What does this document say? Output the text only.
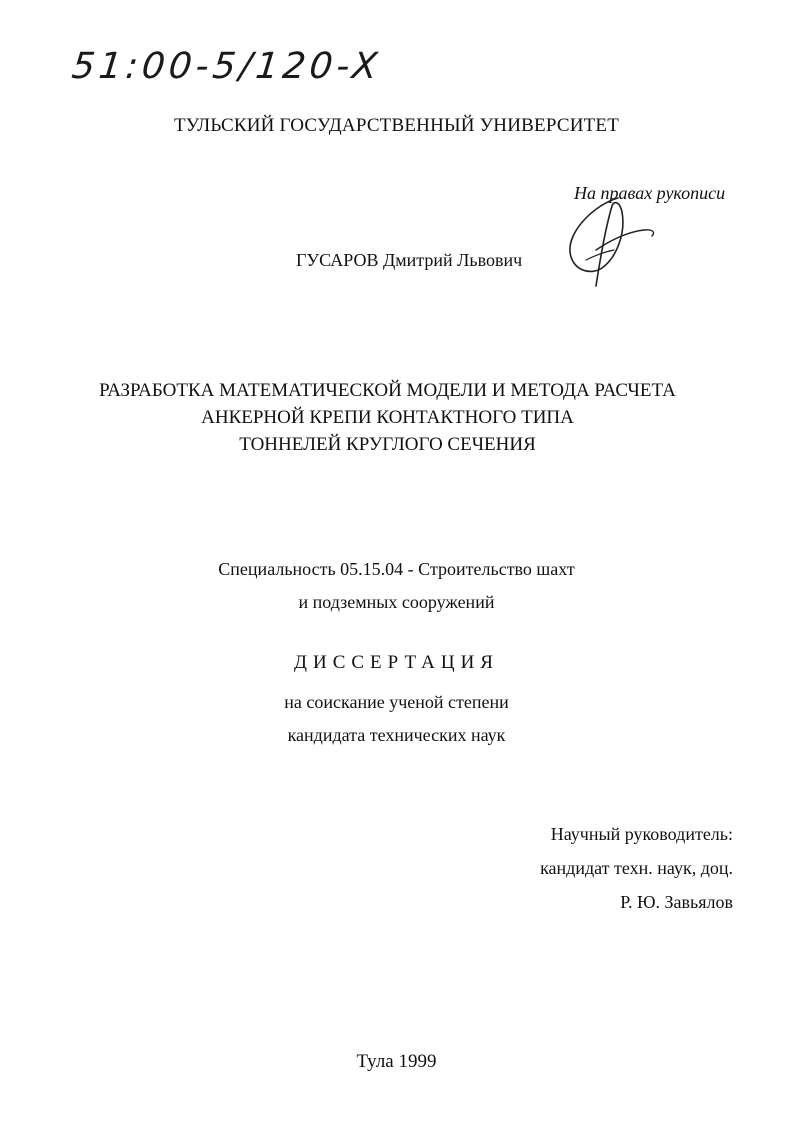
51:00-5/120-X
ТУЛЬСКИЙ ГОСУДАРСТВЕННЫЙ УНИВЕРСИТЕТ
На правах рукописи
ГУСАРОВ Дмитрий Львович
РАЗРАБОТКА МАТЕМАТИЧЕСКОЙ МОДЕЛИ И МЕТОДА РАСЧЕТА
АНКЕРНОЙ КРЕПИ КОНТАКТНОГО ТИПА
ТОННЕЛЕЙ КРУГЛОГО СЕЧЕНИЯ
Специальность 05.15.04 - Строительство шахт
и подземных сооружений
ДИССЕРТАЦИЯ
на соискание ученой степени
кандидата технических наук
Научный руководитель:
кандидат техн. наук, доц.
Р. Ю. Завьялов
Тула 1999
